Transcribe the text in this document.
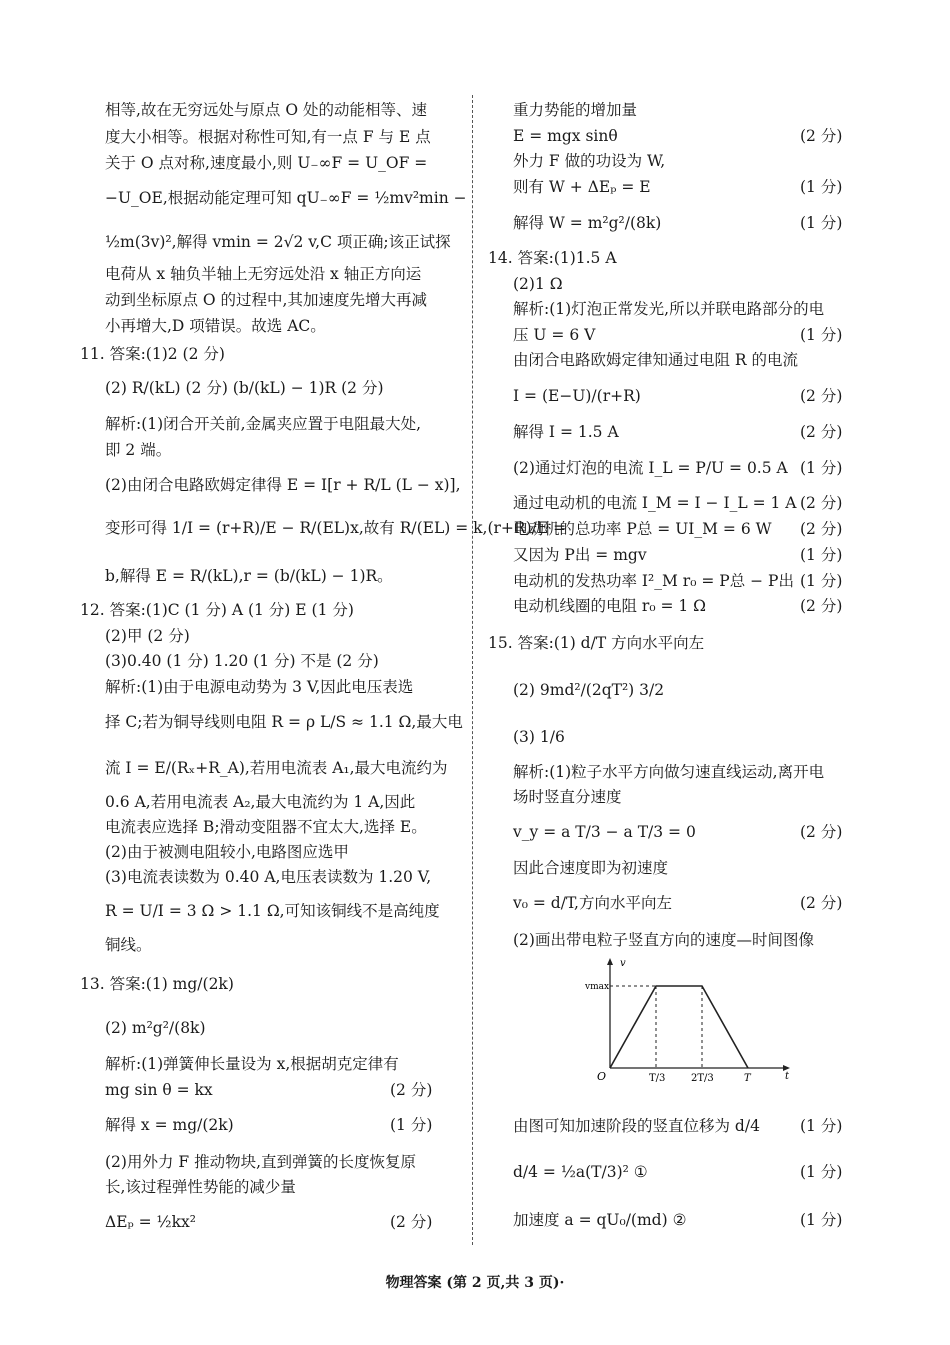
相等,故在无穷远处与原点 O 处的动能相等、速
度大小相等。根据对称性可知,有一点 F 与 E 点
关于 O 点对称,速度最小,则 U₋∞F = U_OF =
−U_OE,根据动能定理可知 qU₋∞F = ½mv²min −
½m(3v)²,解得 vmin = 2√2 v,C 项正确;该正试探
电荷从 x 轴负半轴上无穷远处沿 x 轴正方向运
动到坐标原点 O 的过程中,其加速度先增大再减
小再增大,D 项错误。故选 AC。
11. 答案:(1)2 (2 分)
(2) R/(kL) (2 分) (b/(kL) − 1)R (2 分)
解析:(1)闭合开关前,金属夹应置于电阻最大处,
即 2 端。
(2)由闭合电路欧姆定律得 E = I[r + R/L (L − x)],
变形可得 1/I = (r+R)/E − R/(EL)x,故有 R/(EL) = k,(r+R)/E =
b,解得 E = R/(kL),r = (b/(kL) − 1)R。
12. 答案:(1)C (1 分) A (1 分) E (1 分)
(2)甲 (2 分)
(3)0.40 (1 分) 1.20 (1 分) 不是 (2 分)
解析:(1)由于电源电动势为 3 V,因此电压表选
择 C;若为铜导线则电阻 R = ρ L/S ≈ 1.1 Ω,最大电
流 I = E/(Rₓ+R_A),若用电流表 A₁,最大电流约为
0.6 A,若用电流表 A₂,最大电流约为 1 A,因此
电流表应选择 B;滑动变阻器不宜太大,选择 E。
(2)由于被测电阻较小,电路图应选甲
(3)电流表读数为 0.40 A,电压表读数为 1.20 V,
R = U/I = 3 Ω > 1.1 Ω,可知该铜线不是高纯度
铜线。
13. 答案:(1) mg/(2k)
(2) m²g²/(8k)
解析:(1)弹簧伸长量设为 x,根据胡克定律有
mg sin θ = kx	(2 分)
解得 x = mg/(2k)	(1 分)
(2)用外力 F 推动物块,直到弹簧的长度恢复原
长,该过程弹性势能的减少量
ΔEₚ = ½kx²	(2 分)
重力势能的增加量
E = mgx sinθ	(2 分)
外力 F 做的功设为 W,
则有 W + ΔEₚ = E	(1 分)
解得 W = m²g²/(8k)	(1 分)
14. 答案:(1)1.5 A
(2)1 Ω
解析:(1)灯泡正常发光,所以并联电路部分的电
压 U = 6 V	(1 分)
由闭合电路欧姆定律知通过电阻 R 的电流
I = (E−U)/(r+R)	(2 分)
解得 I = 1.5 A	(2 分)
(2)通过灯泡的电流 I_L = P/U = 0.5 A (1 分)
通过电动机的电流 I_M = I − I_L = 1 A (2 分)
电动机的总功率 P总 = UI_M = 6 W (2 分)
又因为 P出 = mgv	(1 分)
电动机的发热功率 I²_M r₀ = P总 − P出 (1 分)
电动机线圈的电阻 r₀ = 1 Ω	(2 分)
15. 答案:(1) d/T 方向水平向左
(2) 9md²/(2qT²) 3/2
(3) 1/6
解析:(1)粒子水平方向做匀速直线运动,离开电
场时竖直分速度
v_y = a T/3 − a T/3 = 0	(2 分)
因此合速度即为初速度
v₀ = d/T,方向水平向左	(2 分)
(2)画出带电粒子竖直方向的速度—时间图像
v
vmax
t
O	T/3	2T/3	T
由图可知加速阶段的竖直位移为 d/4	(1 分)
d/4 = ½a(T/3)² ①	(1 分)
加速度 a = qU₀/(md) ②	(1 分)
物理答案 (第 2 页,共 3 页)·
